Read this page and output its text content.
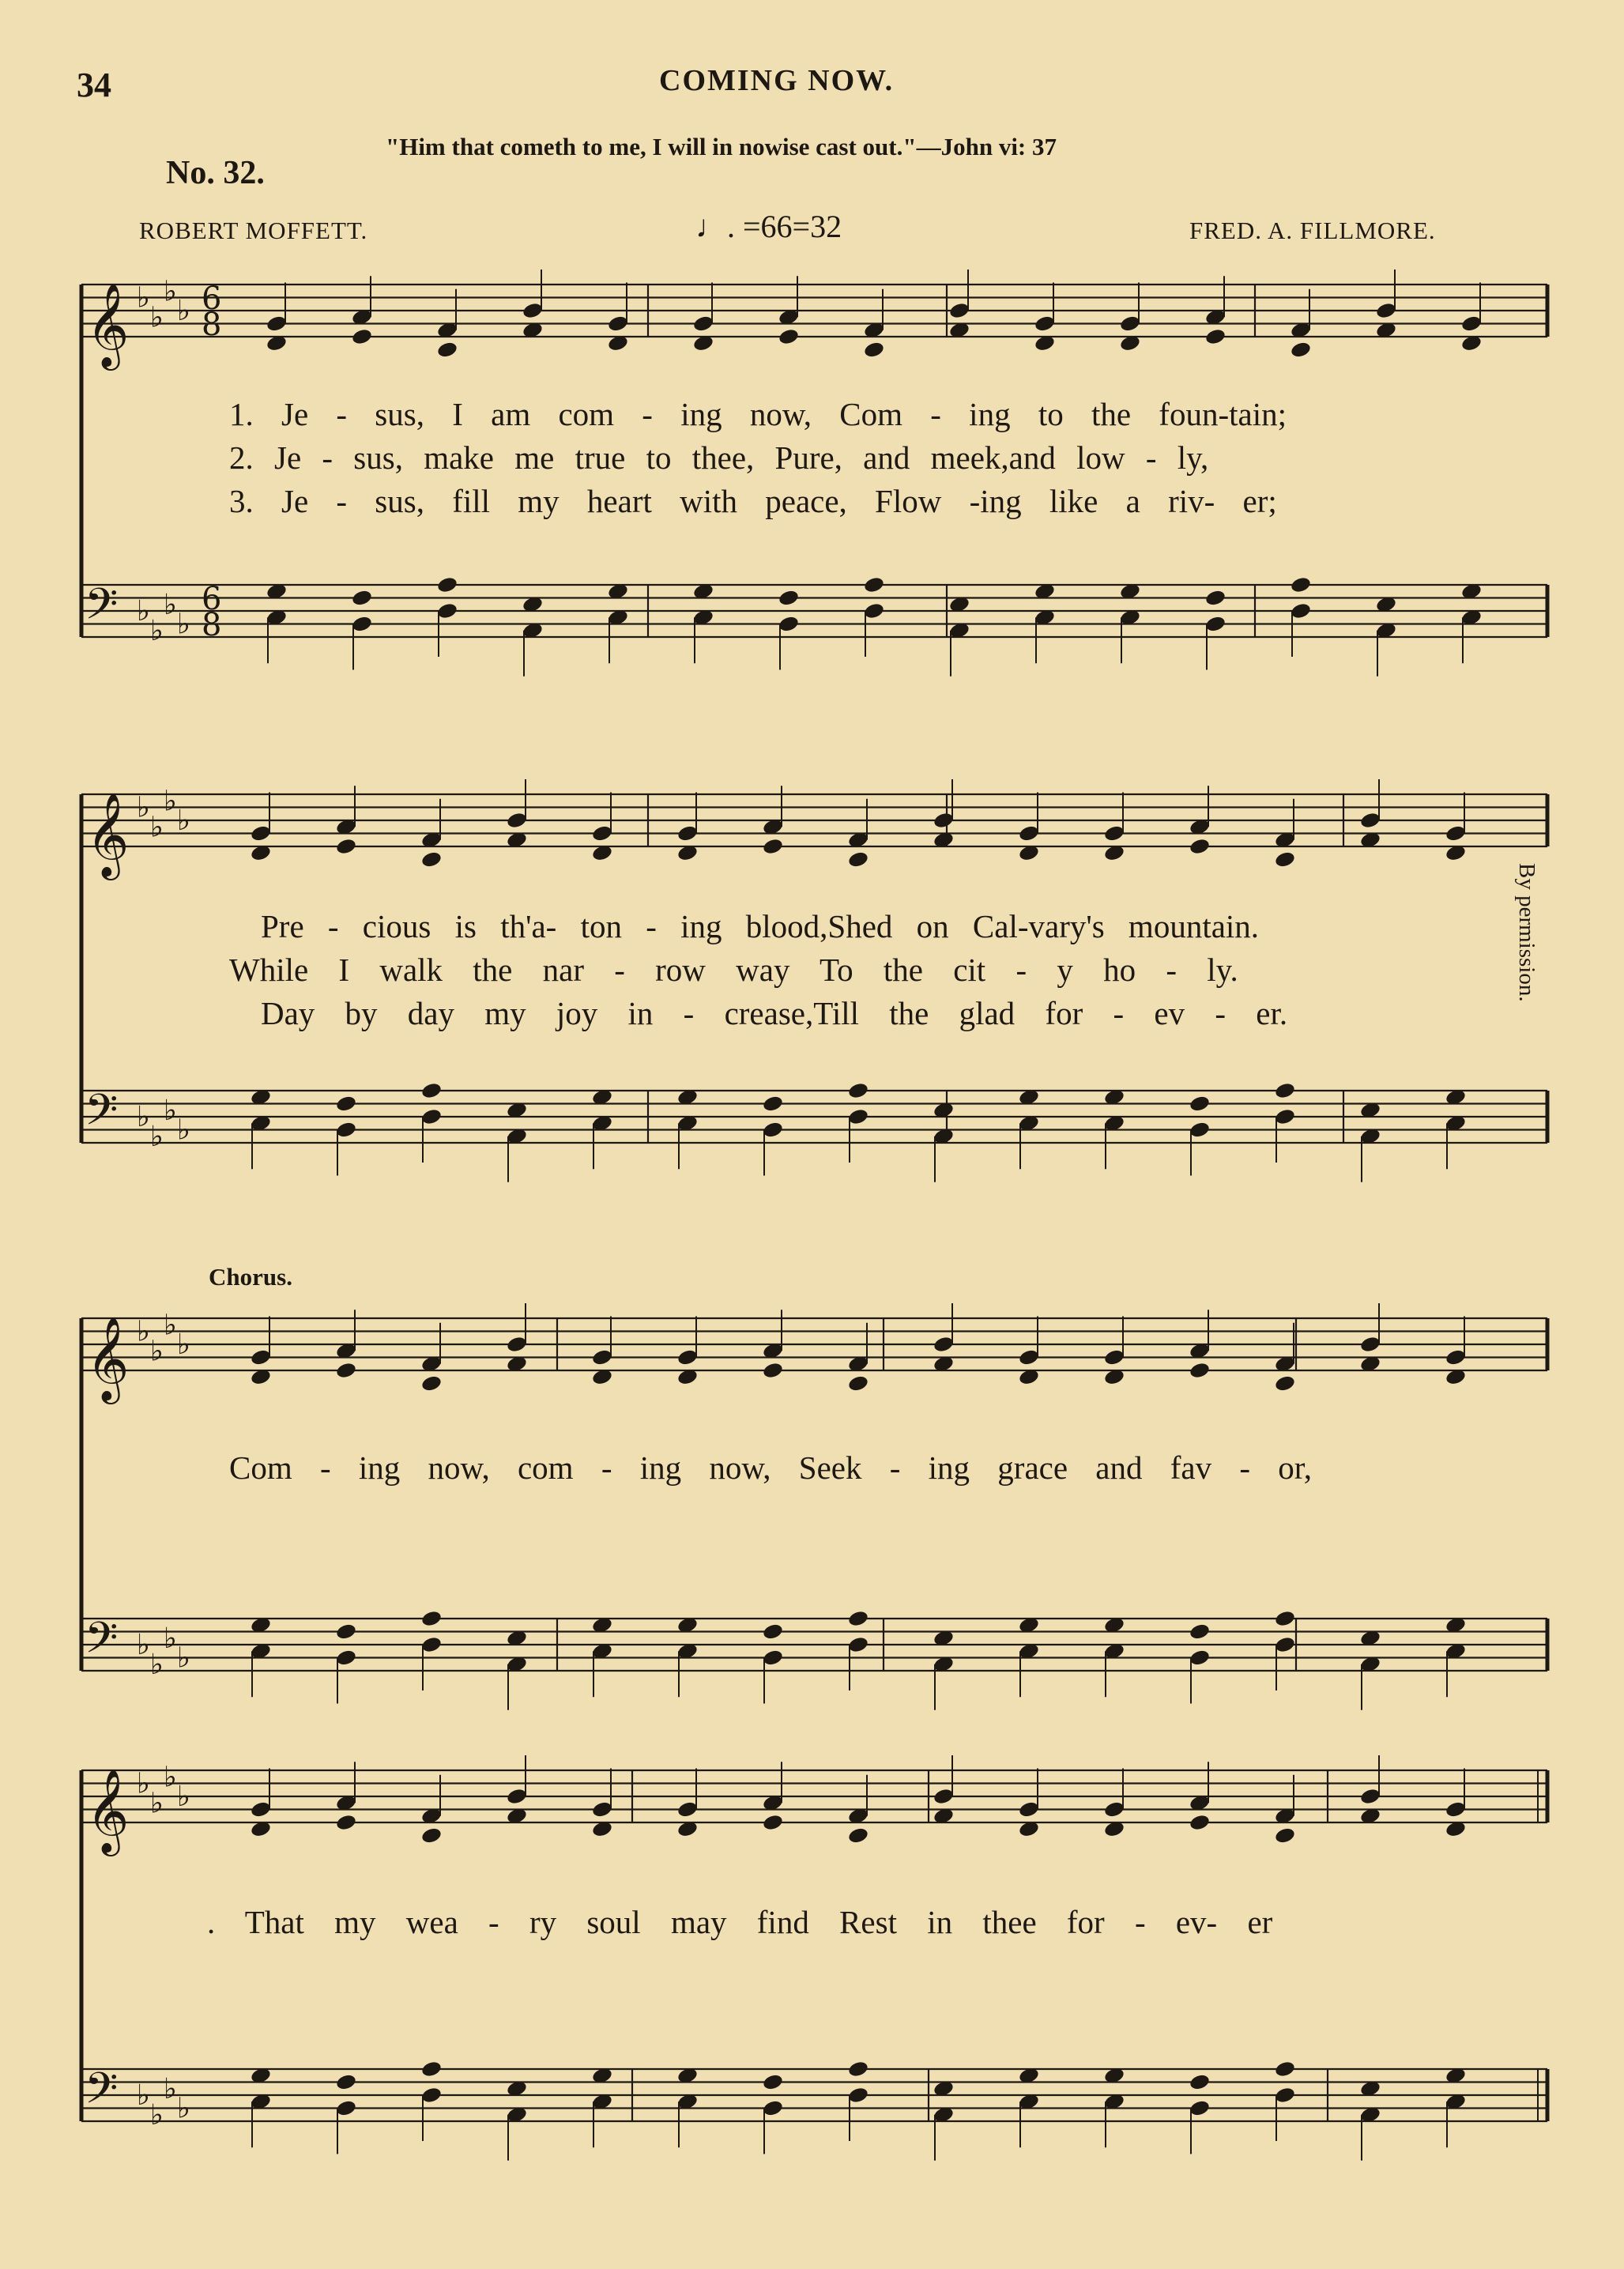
34	COMING NOW.
No. 32.
"Him that cometh to me, I will in nowise cast out."—John vi: 37
ROBERT MOFFETT.	FRED. A. FILLMORE.
♩. =66=32
Chorus.
By permission.
𝄞 ♭
♭
♭
♭ 6
8
𝄢 ♭
♭
♭
♭
6
8
𝄞 ♭
♭
♭
♭
𝄢 ♭
♭
♭
♭
𝄞 ♭
♭
♭
♭
𝄢 ♭
♭
♭
♭
𝄞 ♭
♭
♭
♭
𝄢 ♭
♭
♭
♭
1. Je - sus, I am com - ing now, Com - ing to the foun-tain;
2. Je - sus, make me true to thee, Pure, and meek,and low - ly,
3. Je - sus, fill my heart with peace, Flow -ing like a riv- er;
Pre - cious is th'a- ton - ing blood,Shed on Cal-vary's mountain.
While I walk the nar - row way To the cit - y ho - ly.
Day by day my joy in - crease,Till the glad for - ev - er.
Com - ing now, com - ing now, Seek - ing grace and fav - or,
. That my wea - ry soul may find Rest in thee for - ev- er
